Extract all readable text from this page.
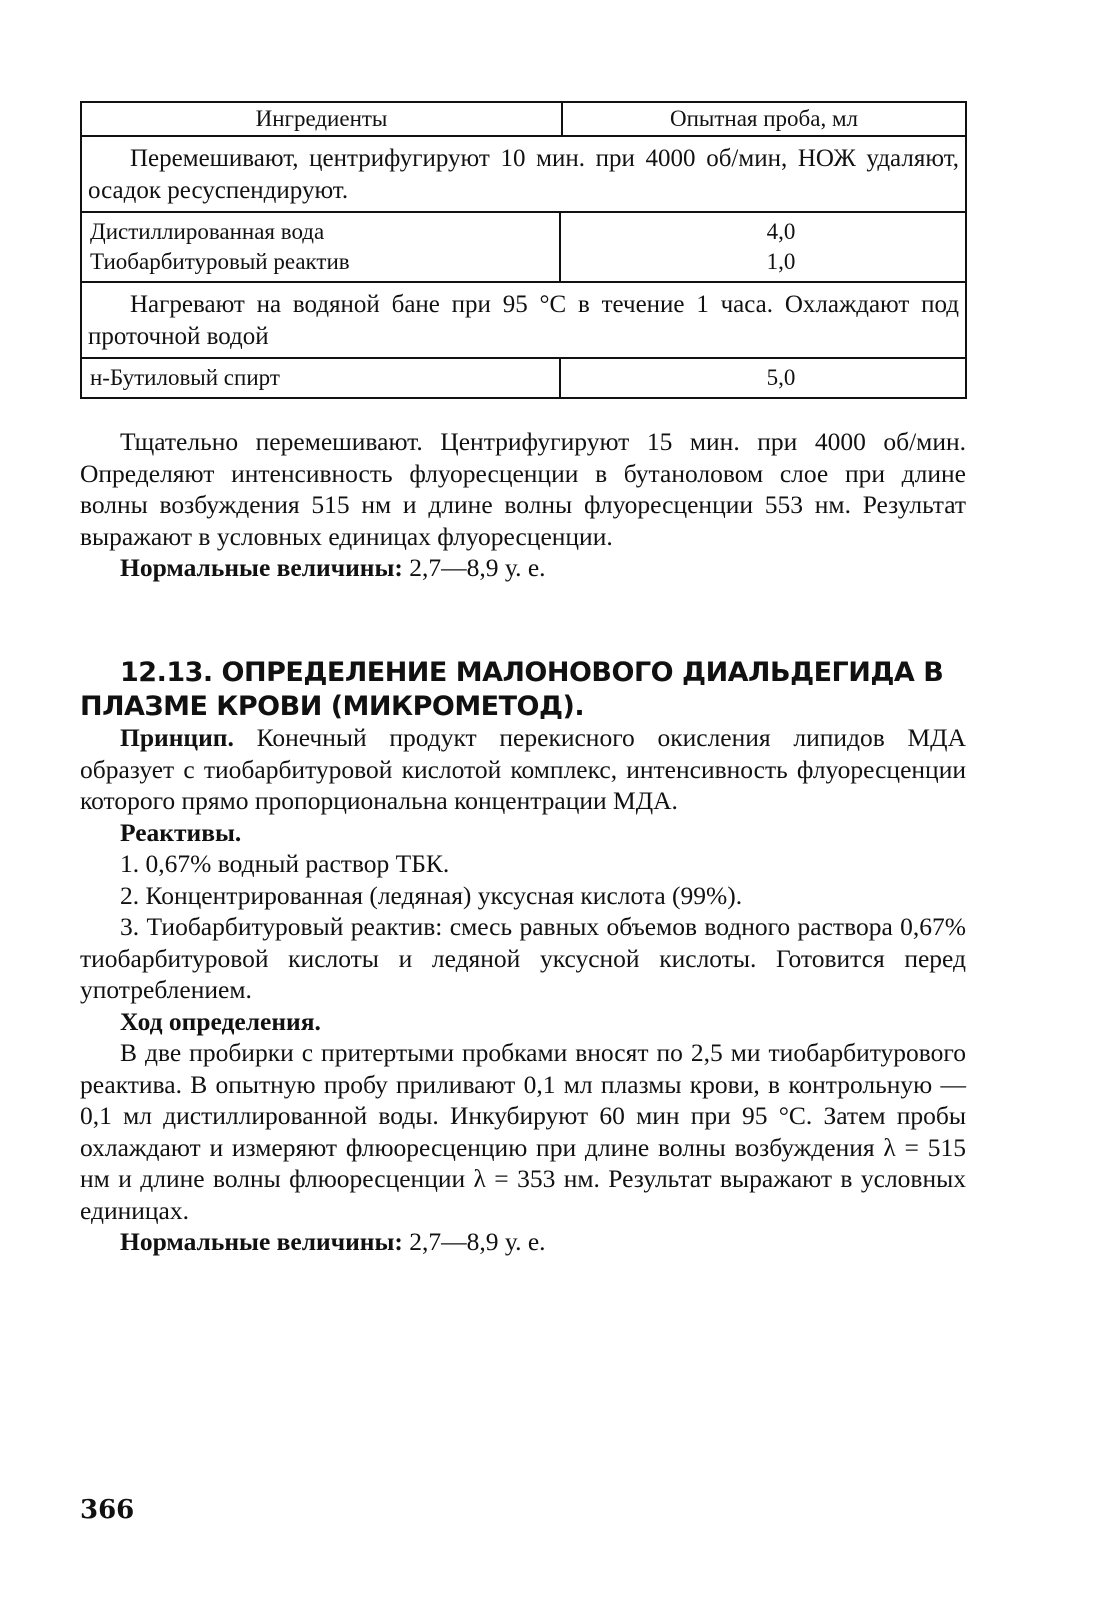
Ингредиенты	Опытная проба, мл
Перемешивают, центрифугируют 10 мин. при 4000 об/мин, НОЖ удаляют, осадок ресуспендируют.
Дистиллированная вода
Тиобарбитуровый реактив
4,0
1,0
Нагревают на водяной бане при 95 °С в течение 1 часа. Охлаждают под проточной водой
н-Бутиловый спирт	5,0

Тщательно перемешивают. Центрифугируют 15 мин. при 4000 об/мин. Определяют интенсивность флуоресценции в бутаноловом слое при длине волны возбуждения 515 нм и длине волны флуоресценции 553 нм. Результат выражают в условных единицах флуоресценции.

Нормальные величины: 2,7—8,9 у. е.

12.13. ОПРЕДЕЛЕНИЕ МАЛОНОВОГО ДИАЛЬДЕГИДА В ПЛАЗМЕ КРОВИ (МИКРОМЕТОД).

Принцип. Конечный продукт перекисного окисления липидов МДА образует с тиобарбитуровой кислотой комплекс, интенсивность флуоресценции которого прямо пропорциональна концентрации МДА.

Реактивы.

1. 0,67% водный раствор ТБК.

2. Концентрированная (ледяная) уксусная кислота (99%).

3. Тиобарбитуровый реактив: смесь равных объемов водного раствора 0,67% тиобарбитуровой кислоты и ледяной уксусной кислоты. Готовится перед употреблением.

Ход определения.

В две пробирки с притертыми пробками вносят по 2,5 ми тиобарбитурового реактива. В опытную пробу приливают 0,1 мл плазмы крови, в контрольную — 0,1 мл дистиллированной воды. Инкубируют 60 мин при 95 °С. Затем пробы охлаждают и измеряют флюоресценцию при длине волны возбуждения λ = 515 нм и длине волны флюоресценции λ = 353 нм. Результат выражают в условных единицах.

Нормальные величины: 2,7—8,9 у. е.

366
